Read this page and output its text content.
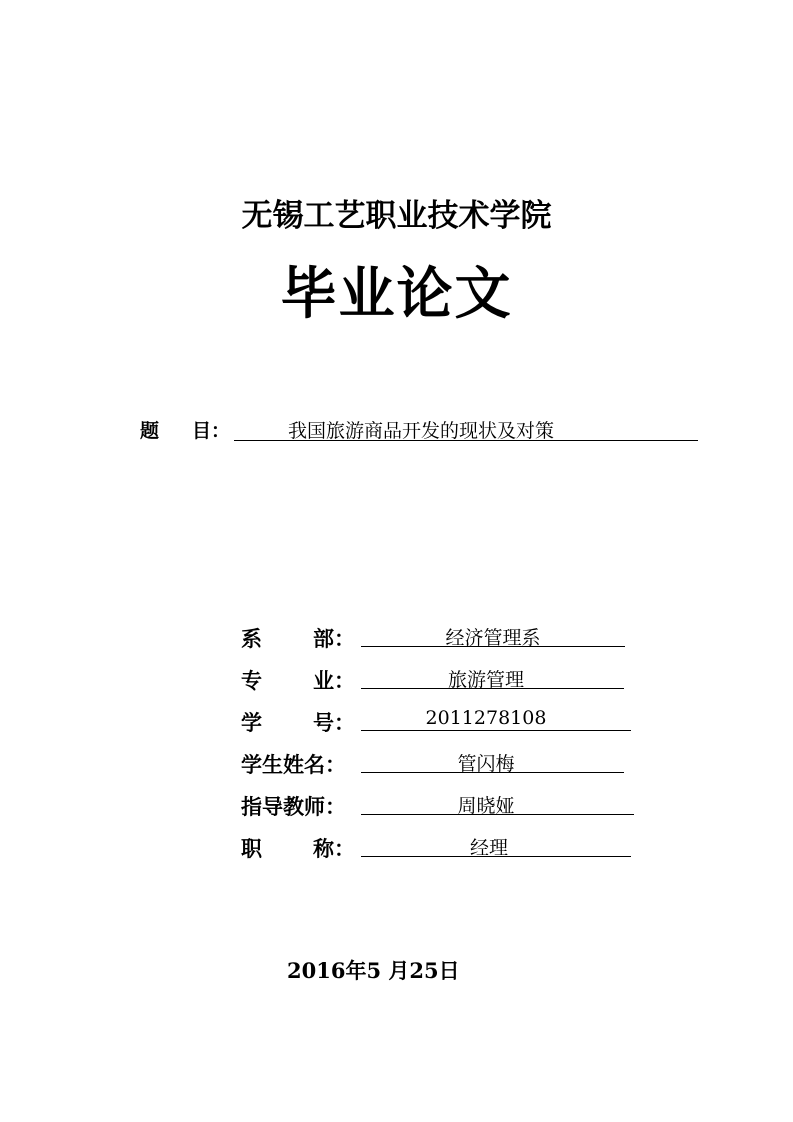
无锡工艺职业技术学院
毕业论文
题 目：	我国旅游商品开发的现状及对策
系 部：	经济管理系
专 业：	旅游管理
学 号：	2011278108
学生姓名：	管闪梅
指导教师：	周晓娅
职 称：	经理
2016年5 月25日
